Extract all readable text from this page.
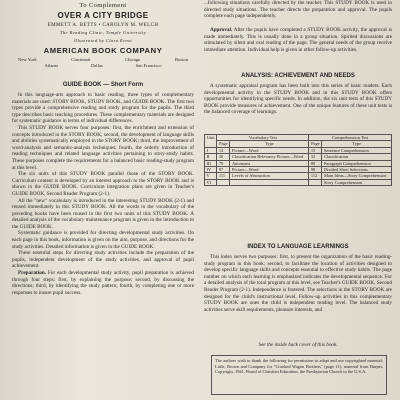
To Complement

OVER A CITY BRIDGE

EMMETT A. BETTS • CAROLYN M. WELCH

The Reading Clinic, Temple University

Illustrated by Clara Ernst

AMERICAN BOOK COMPANY

New York	Cincinnati	Chicago	Boston
Atlanta	Dallas	San Francisco

GUIDE BOOK — Short Form

In this language-arts approach to basic reading, three types of complementary materials are used: STORY BOOK, STUDY BOOK, and GUIDE BOOK. The first two types provide a comprehensive reading and study program for the pupils. The third type describes basic teaching procedures. These complementary materials are designed for systematic guidance in terms of individual differences.

This STUDY BOOK serves four purposes: first, the enrichment and extension of concepts introduced in the STORY BOOK; second, the development of language skills and abilities systematically employed in the STORY BOOK; third, the improvement of word-analysis and semantic-analysis techniques; fourth, the orderly introduction of reading techniques and related language activities pertaining to story-study habits. These purposes complete the requirements for a balanced basic reading-study program at this level.

The six units of this STUDY BOOK parallel those of the STORY BOOK. Curriculum content is developed by an interest approach to the STORY BOOK and is shown in the GUIDE BOOK. Curriculum integration plans are given in Teacher's GUIDE BOOK, Second Reader Program (2-1).

All the "new" vocabulary is introduced in the interesting STUDY BOOK (2-1) and reused immediately in this STUDY BOOK. All the words in the vocabulary of the preceding books have been reused in the first two units of this STUDY BOOK. A detailed analysis of the vocabulary maintenance program is given in the introduction to the GUIDE BOOK.

Systematic guidance is provided for directing developmental study activities. On each page in this book, information is given on the aim, purpose, and directions for the study activities. Detailed information is given in the GUIDE BOOK.

These essential steps for directing study activities include the preparation of the pupils, independent development of the study activities, and approval of pupil achievement.

Preparation. For each developmental study activity, pupil preparation is achieved through four steps: first, by explaining the purpose; second, by discussing the directions; third, by identifying the study pattern; fourth, by completing one or more responses to insure pupil success.

...following situations carefully directed by the teacher. This STUDY BOOK is used in directed study situations. The teacher directs the preparation and approval. The pupils complete each page independently.

Approval. After the pupils have completed a STUDY BOOK activity, the approval is made immediately. This is usually done in a group situation. Spirited discussions are stimulated by silent and oral reading of the page. The general needs of the group receive immediate attention. Individual help is given in other follow-up activities.

ANALYSIS: ACHIEVEMENT AND NEEDS

A systematic appraisal program has been built into this series of basic readers. Each developmental activity in the STUDY BOOK and in this STUDY BOOK offers opportunities for identifying specific needs. In addition, the six unit tests of this STUDY BOOK provide measures of achievement. One of the unique features of these unit tests is the balanced coverage of learnings.

Unit	Vocabulary Test		Comprehension Test	
	Page	Type	Page	Type
I	14	Picture—Word	15	Sentence Comprehension
II	30	Classification Relevancy Picture—Word	32	Classification
III	79	Antonyms	80	Paragraph Comprehension
IV	97	Picture—Word	98	Divided Short Selections
V	111	Levels of Abstraction	112	Main Ideas—Story Comprehension
VI				Story Comprehension

INDEX TO LANGUAGE LEARNINGS

This index serves two purposes: first, to present the organization of the basic reading-study program in this book; second, to facilitate the location of activities designed to develop specific language skills and concepts essential to effective study habits. The page number on which each learning is emphasized indicates the developmental sequence. For a detailed analysis of the total program at this level, see Teacher's GUIDE BOOK, Second Reader Program (2-1). Independence is fostered. The selections in the STORY BOOK are designed for the child's instructional level. Follow-up activities in this complementary STUDY BOOK are ones the child is independent reading level. The balanced study activities serve skill requirements, pleasure interests, and

See the inside back cover of this book.

The authors wish to thank the following for permission to adapt and use copyrighted material: Little, Brown and Company for "Crooked Wagon Brothers" (page 11); material from Harper, Copyright, 1941, Board of Christian Education, the Presbyterian Church in the U.S.A.
